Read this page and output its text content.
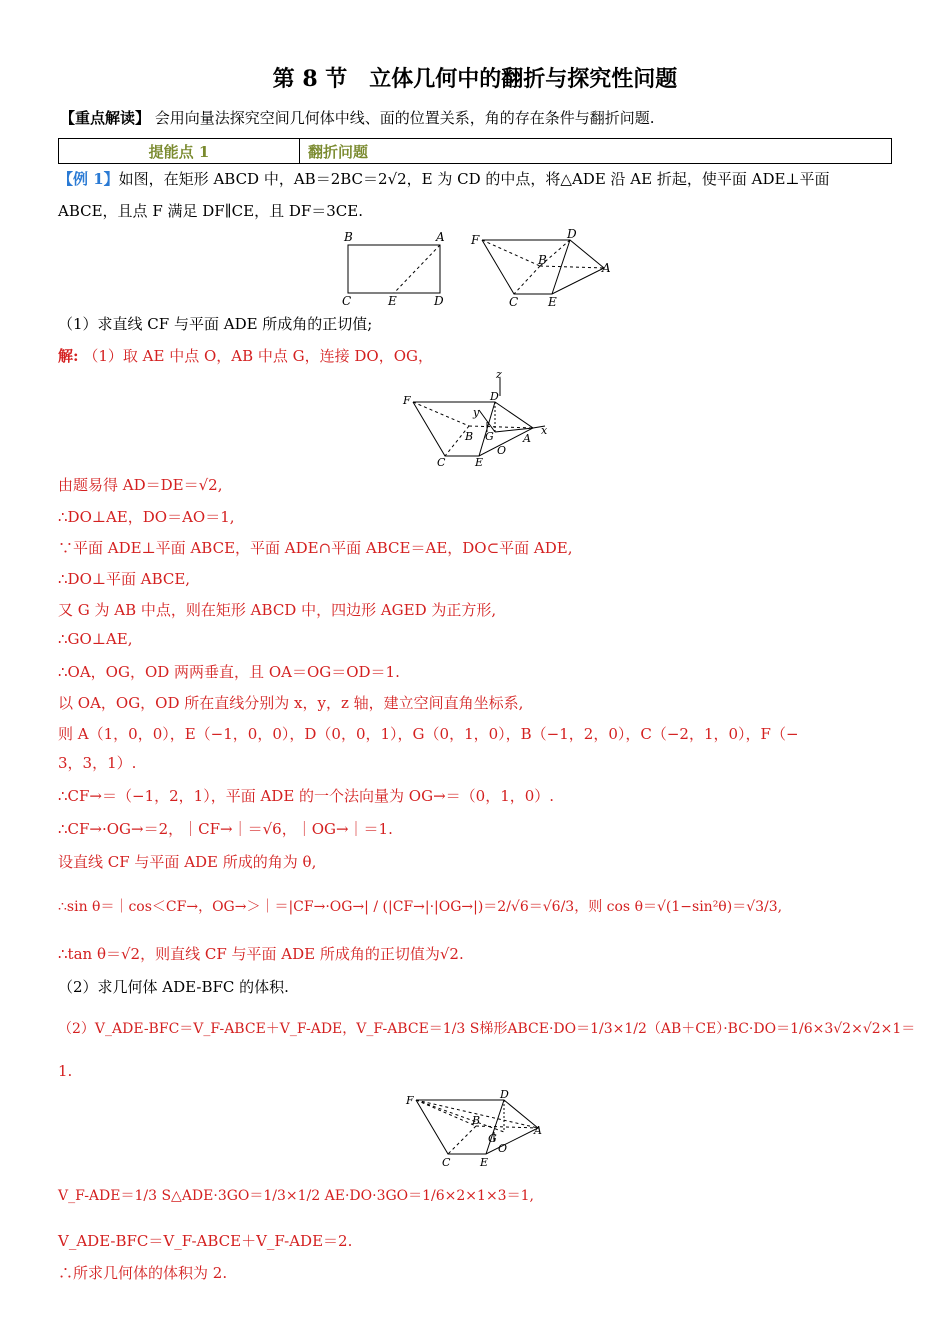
第 8 节　立体几何中的翻折与探究性问题
【重点解读】 会用向量法探究空间几何体中线、面的位置关系，角的存在条件与翻折问题.
提能点 1	翻折问题
【例 1】如图，在矩形 ABCD 中，AB＝2BC＝2√2，E 为 CD 的中点，将△ADE 沿 AE 折起，使平面 ADE⊥平面
ABCE，且点 F 满足 DF∥CE，且 DF＝3CE.
B	A
C	E	D
F	D
A
B
C E
（1）求直线 CF 与平面 ADE 所成角的正切值;
解: （1）取 AE 中点 O，AB 中点 G，连接 DO，OG，
z
D
F
y
B G
O
A
x
C	E
由题易得 AD＝DE＝√2,
∴DO⊥AE，DO＝AO＝1,
∵平面 ADE⊥平面 ABCE，平面 ADE∩平面 ABCE＝AE，DO⊂平面 ADE,
∴DO⊥平面 ABCE,
又 G 为 AB 中点，则在矩形 ABCD 中，四边形 AGED 为正方形,
∴GO⊥AE,
∴OA，OG，OD 两两垂直，且 OA＝OG＝OD＝1.
以 OA，OG，OD 所在直线分别为 x，y，z 轴，建立空间直角坐标系,
则 A（1，0，0），E（−1，0，0），D（0，0，1），G（0，1，0），B（−1，2，0），C（−2，1，0），F（−
3，3，1）.
∴CF→＝（−1，2，1），平面 ADE 的一个法向量为 OG→＝（0，1，0）.
∴CF→·OG→＝2，｜CF→｜＝√6，｜OG→｜＝1.
设直线 CF 与平面 ADE 所成的角为 θ,
∴sin θ＝｜cos＜CF→，OG→＞｜＝|CF→·OG→| / (|CF→|·|OG→|)＝2/√6＝√6/3，则 cos θ＝√(1−sin²θ)＝√3/3,
∴tan θ＝√2，则直线 CF 与平面 ADE 所成角的正切值为√2.
（2）求几何体 ADE-BFC 的体积.
（2）V_ADE-BFC＝V_F-ABCE＋V_F-ADE，V_F-ABCE＝1/3 S梯形ABCE·DO＝1/3×1/2（AB＋CE）·BC·DO＝1/6×3√2×√2×1＝
1.
F	D
B
G
O
A
C	E
V_F-ADE＝1/3 S△ADE·3GO＝1/3×1/2 AE·DO·3GO＝1/6×2×1×3＝1,
V_ADE-BFC＝V_F-ABCE＋V_F-ADE＝2.
∴所求几何体的体积为 2.
